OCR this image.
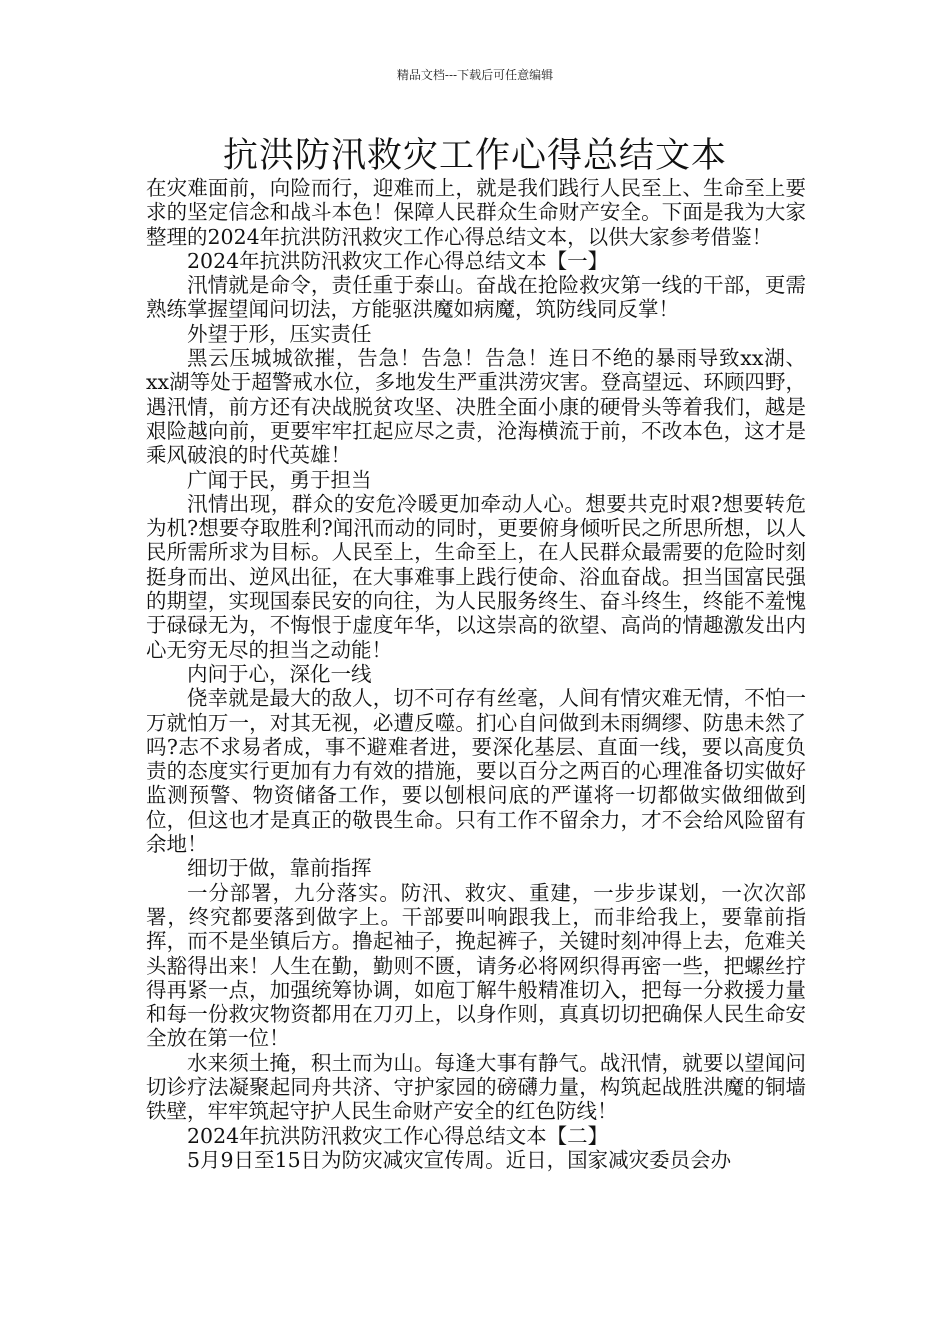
精品文档---下载后可任意编辑
抗洪防汛救灾工作心得总结文本

在灾难面前，向险而行，迎难而上，就是我们践行人民至上、生命至上要求的坚定信念和战斗本色！保障人民群众生命财产安全。下面是我为大家整理的2024年抗洪防汛救灾工作心得总结文本，以供大家参考借鉴！

2024年抗洪防汛救灾工作心得总结文本【一】

汛情就是命令，责任重于泰山。奋战在抢险救灾第一线的干部，更需熟练掌握望闻问切法，方能驱洪魔如病魔，筑防线同反掌！

外望于形，压实责任

黑云压城城欲摧，告急！告急！告急！连日不绝的暴雨导致xx湖、xx湖等处于超警戒水位，多地发生严重洪涝灾害。登高望远、环顾四野，遇汛情，前方还有决战脱贫攻坚、决胜全面小康的硬骨头等着我们，越是艰险越向前，更要牢牢扛起应尽之责，沧海横流于前，不改本色，这才是乘风破浪的时代英雄！

广闻于民，勇于担当

汛情出现，群众的安危冷暖更加牵动人心。想要共克时艰?想要转危为机?想要夺取胜利?闻汛而动的同时，更要俯身倾听民之所思所想，以人民所需所求为目标。人民至上，生命至上，在人民群众最需要的危险时刻挺身而出、逆风出征，在大事难事上践行使命、浴血奋战。担当国富民强的期望，实现国泰民安的向往，为人民服务终生、奋斗终生，终能不羞愧于碌碌无为，不悔恨于虚度年华，以这崇高的欲望、高尚的情趣激发出内心无穷无尽的担当之动能！

内问于心，深化一线

侥幸就是最大的敌人，切不可存有丝毫，人间有情灾难无情，不怕一万就怕万一，对其无视，必遭反噬。扪心自问做到未雨绸缪、防患未然了吗?志不求易者成，事不避难者进，要深化基层、直面一线，要以高度负责的态度实行更加有力有效的措施，要以百分之两百的心理准备切实做好监测预警、物资储备工作，要以刨根问底的严谨将一切都做实做细做到位，但这也才是真正的敬畏生命。只有工作不留余力，才不会给风险留有余地！

细切于做，靠前指挥

一分部署，九分落实。防汛、救灾、重建，一步步谋划，一次次部署，终究都要落到做字上。干部要叫响跟我上，而非给我上，要靠前指挥，而不是坐镇后方。撸起袖子，挽起裤子，关键时刻冲得上去，危难关头豁得出来！人生在勤，勤则不匮，请务必将网织得再密一些，把螺丝拧得再紧一点，加强统筹协调，如庖丁解牛般精准切入，把每一分救援力量和每一份救灾物资都用在刀刃上，以身作则，真真切切把确保人民生命安全放在第一位！

水来须土掩，积土而为山。每逢大事有静气。战汛情，就要以望闻问切诊疗法凝聚起同舟共济、守护家园的磅礴力量，构筑起战胜洪魔的铜墙铁壁，牢牢筑起守护人民生命财产安全的红色防线！

2024年抗洪防汛救灾工作心得总结文本【二】

5月9日至15日为防灾减灾宣传周。近日，国家减灾委员会办
